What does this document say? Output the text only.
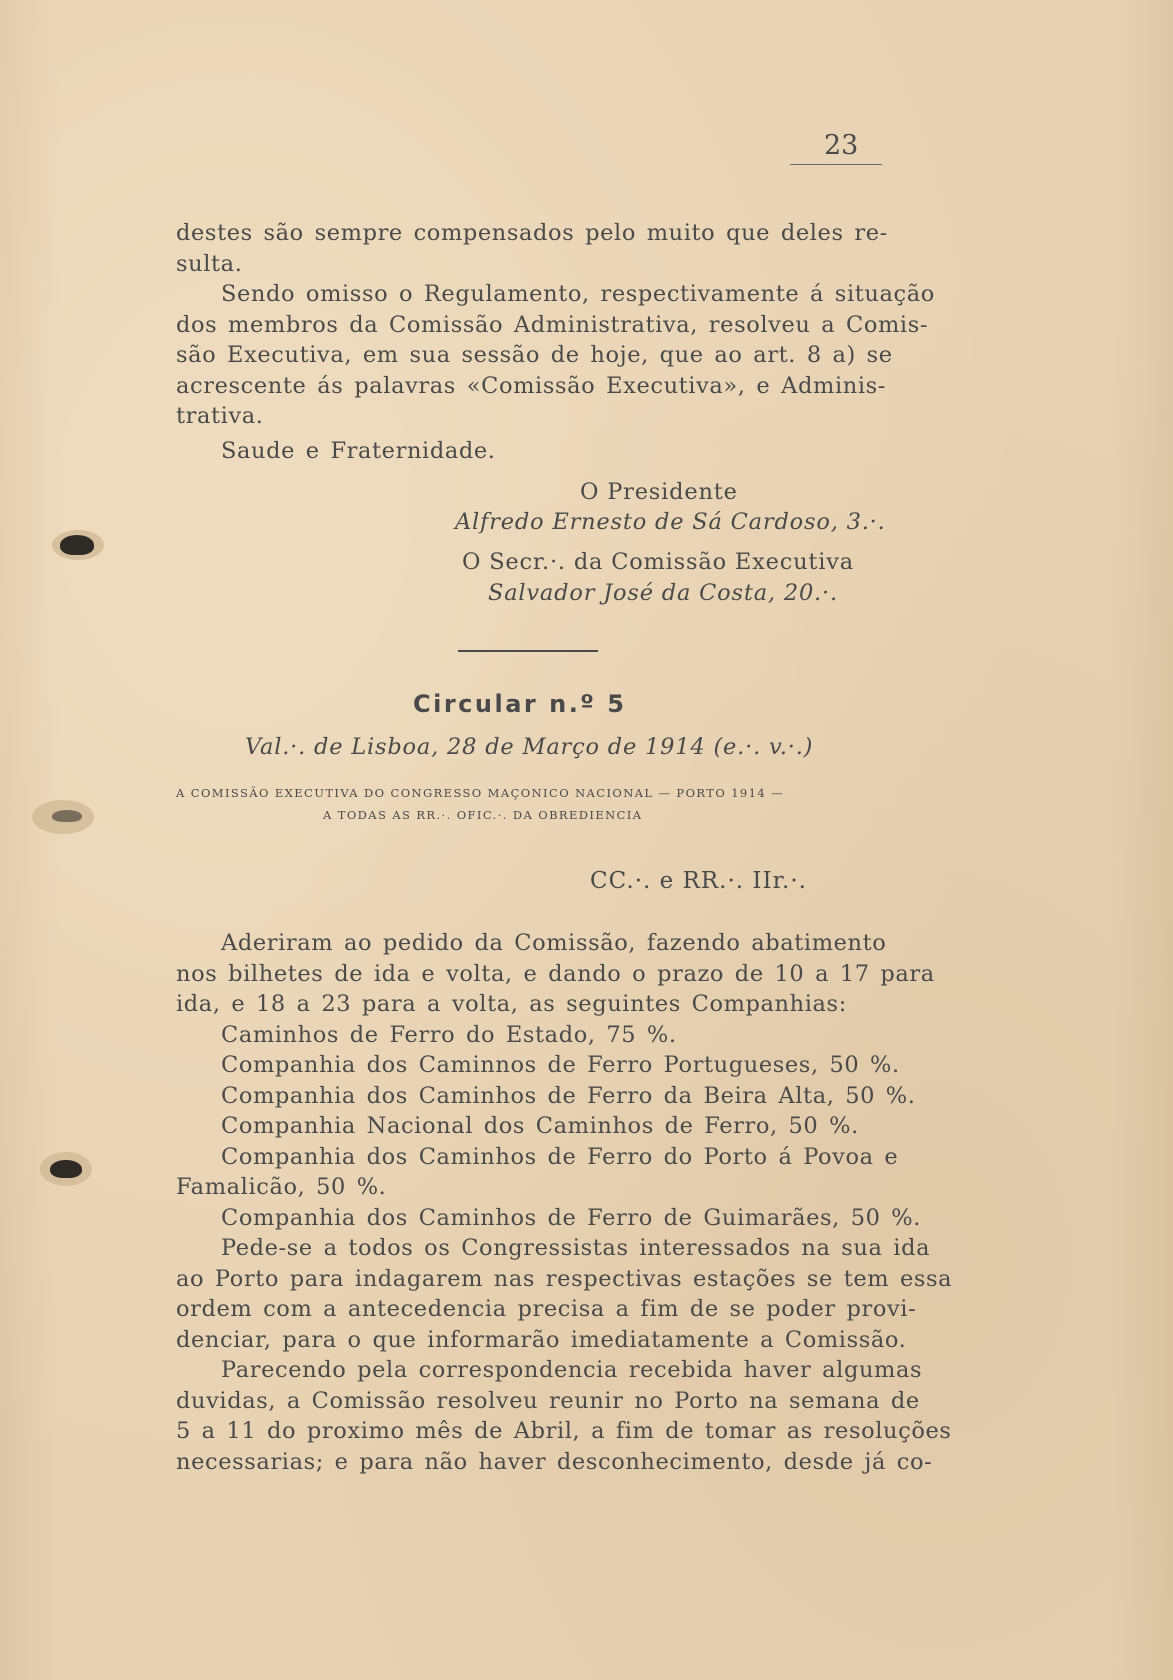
23
destes são sempre compensados pelo muito que deles re-
sulta.
Sendo omisso o Regulamento, respectivamente á situação
dos membros da Comissão Administrativa, resolveu a Comis-
são Executiva, em sua sessão de hoje, que ao art. 8 a) se
acrescente ás palavras «Comissão Executiva», e Adminis-
trativa.
Saude e Fraternidade.
O Presidente
Alfredo Ernesto de Sá Cardoso, 3.·.
O Secr.·. da Comissão Executiva
Salvador José da Costa, 20.·.
Circular n.º 5
Val.·. de Lisboa, 28 de Março de 1914 (e.·. v.·.)
A COMISSÃO EXECUTIVA DO CONGRESSO MAÇONICO NACIONAL — PORTO 1914 —
A TODAS AS RR.·. OFIC.·. DA OBREDIENCIA
CC.·. e RR.·. IIr.·.
Aderiram ao pedido da Comissão, fazendo abatimento
nos bilhetes de ida e volta, e dando o prazo de 10 a 17 para
ida, e 18 a 23 para a volta, as seguintes Companhias:
Caminhos de Ferro do Estado, 75 %.
Companhia dos Caminnos de Ferro Portugueses, 50 %.
Companhia dos Caminhos de Ferro da Beira Alta, 50 %.
Companhia Nacional dos Caminhos de Ferro, 50 %.
Companhia dos Caminhos de Ferro do Porto á Povoa e
Famalicão, 50 %.
Companhia dos Caminhos de Ferro de Guimarães, 50 %.
Pede-se a todos os Congressistas interessados na sua ida
ao Porto para indagarem nas respectivas estações se tem essa
ordem com a antecedencia precisa a fim de se poder provi-
denciar, para o que informarão imediatamente a Comissão.
Parecendo pela correspondencia recebida haver algumas
duvidas, a Comissão resolveu reunir no Porto na semana de
5 a 11 do proximo mês de Abril, a fim de tomar as resoluções
necessarias; e para não haver desconhecimento, desde já co-
